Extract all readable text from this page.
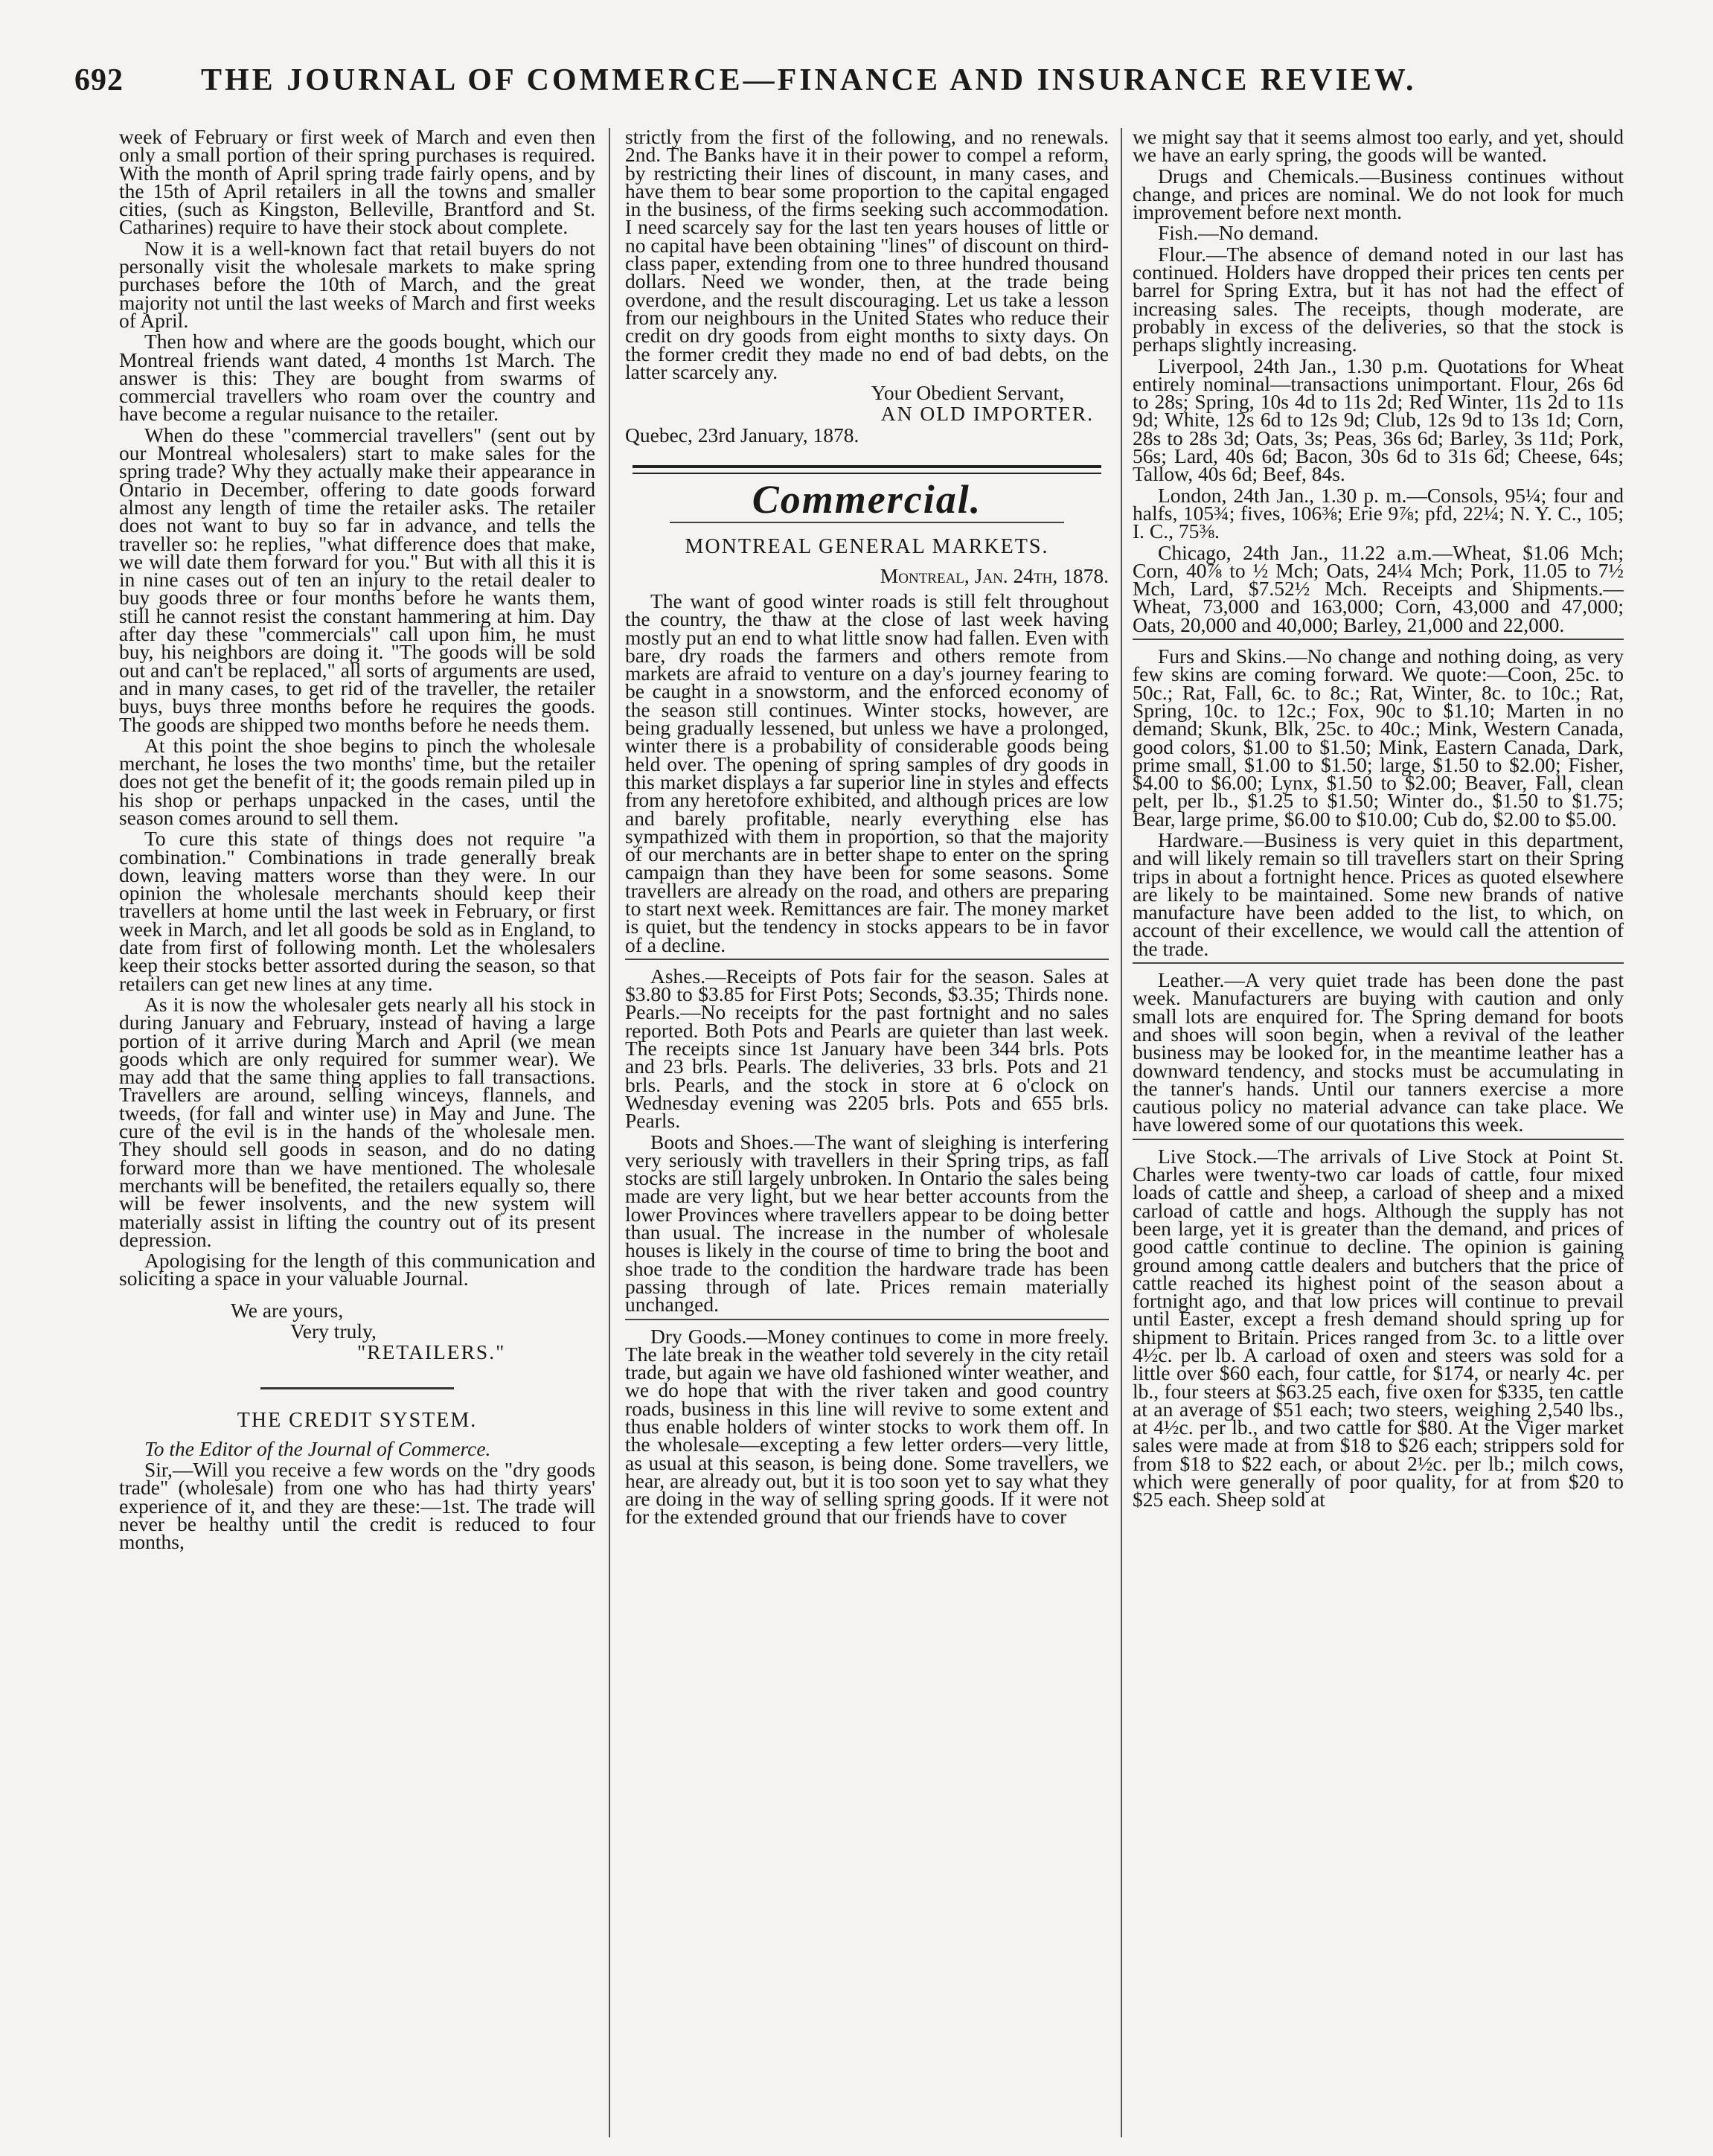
692	THE JOURNAL OF COMMERCE—FINANCE AND INSURANCE REVIEW.

week of February or first week of March and even then only a small portion of their spring purchases is required. With the month of April spring trade fairly opens, and by the 15th of April retailers in all the towns and smaller cities, (such as Kingston, Belleville, Brantford and St. Catharines) require to have their stock about complete.

Now it is a well-known fact that retail buyers do not personally visit the wholesale markets to make spring purchases before the 10th of March, and the great majority not until the last weeks of March and first weeks of April.

Then how and where are the goods bought, which our Montreal friends want dated, 4 months 1st March. The answer is this: They are bought from swarms of commercial travellers who roam over the country and have become a regular nuisance to the retailer.

When do these "commercial travellers" (sent out by our Montreal wholesalers) start to make sales for the spring trade? Why they actually make their appearance in Ontario in December, offering to date goods forward almost any length of time the retailer asks. The retailer does not want to buy so far in advance, and tells the traveller so: he replies, "what difference does that make, we will date them forward for you." But with all this it is in nine cases out of ten an injury to the retail dealer to buy goods three or four months before he wants them, still he cannot resist the constant hammering at him. Day after day these "commercials" call upon him, he must buy, his neighbors are doing it. "The goods will be sold out and can't be replaced," all sorts of arguments are used, and in many cases, to get rid of the traveller, the retailer buys, buys three months before he requires the goods. The goods are shipped two months before he needs them.

At this point the shoe begins to pinch the wholesale merchant, he loses the two months' time, but the retailer does not get the benefit of it; the goods remain piled up in his shop or perhaps unpacked in the cases, until the season comes around to sell them.

To cure this state of things does not require "a combination." Combinations in trade generally break down, leaving matters worse than they were. In our opinion the wholesale merchants should keep their travellers at home until the last week in February, or first week in March, and let all goods be sold as in England, to date from first of following month. Let the wholesalers keep their stocks better assorted during the season, so that retailers can get new lines at any time.

As it is now the wholesaler gets nearly all his stock in during January and February, instead of having a large portion of it arrive during March and April (we mean goods which are only required for summer wear). We may add that the same thing applies to fall transactions. Travellers are around, selling winceys, flannels, and tweeds, (for fall and winter use) in May and June. The cure of the evil is in the hands of the wholesale men. They should sell goods in season, and do no dating forward more than we have mentioned. The wholesale merchants will be benefited, the retailers equally so, there will be fewer insolvents, and the new system will materially assist in lifting the country out of its present depression.

Apologising for the length of this communication and soliciting a space in your valuable Journal.

We are yours,

Very truly,

"RETAILERS."

THE CREDIT SYSTEM.

To the Editor of the Journal of Commerce.

Sir,—Will you receive a few words on the "dry goods trade" (wholesale) from one who has had thirty years' experience of it, and they are these:—1st. The trade will never be healthy until the credit is reduced to four months,

strictly from the first of the following, and no renewals. 2nd. The Banks have it in their power to compel a reform, by restricting their lines of discount, in many cases, and have them to bear some proportion to the capital engaged in the business, of the firms seeking such accommodation. I need scarcely say for the last ten years houses of little or no capital have been obtaining "lines" of discount on third-class paper, extending from one to three hundred thousand dollars. Need we wonder, then, at the trade being overdone, and the result discouraging. Let us take a lesson from our neighbours in the United States who reduce their credit on dry goods from eight months to sixty days. On the former credit they made no end of bad debts, on the latter scarcely any.

Your Obedient Servant,

AN OLD IMPORTER.

Quebec, 23rd January, 1878.

Commercial.

MONTREAL GENERAL MARKETS.

Montreal, Jan. 24th, 1878.

The want of good winter roads is still felt throughout the country, the thaw at the close of last week having mostly put an end to what little snow had fallen. Even with bare, dry roads the farmers and others remote from markets are afraid to venture on a day's journey fearing to be caught in a snowstorm, and the enforced economy of the season still continues. Winter stocks, however, are being gradually lessened, but unless we have a prolonged, winter there is a probability of considerable goods being held over. The opening of spring samples of dry goods in this market displays a far superior line in styles and effects from any heretofore exhibited, and although prices are low and barely profitable, nearly everything else has sympathized with them in proportion, so that the majority of our merchants are in better shape to enter on the spring campaign than they have been for some seasons. Some travellers are already on the road, and others are preparing to start next week. Remittances are fair. The money market is quiet, but the tendency in stocks appears to be in favor of a decline.

Ashes.—Receipts of Pots fair for the season. Sales at $3.80 to $3.85 for First Pots; Seconds, $3.35; Thirds none. Pearls.—No receipts for the past fortnight and no sales reported. Both Pots and Pearls are quieter than last week. The receipts since 1st January have been 344 brls. Pots and 23 brls. Pearls. The deliveries, 33 brls. Pots and 21 brls. Pearls, and the stock in store at 6 o'clock on Wednesday evening was 2205 brls. Pots and 655 brls. Pearls.

Boots and Shoes.—The want of sleighing is interfering very seriously with travellers in their Spring trips, as fall stocks are still largely unbroken. In Ontario the sales being made are very light, but we hear better accounts from the lower Provinces where travellers appear to be doing better than usual. The increase in the number of wholesale houses is likely in the course of time to bring the boot and shoe trade to the condition the hardware trade has been passing through of late. Prices remain materially unchanged.

Dry Goods.—Money continues to come in more freely. The late break in the weather told severely in the city retail trade, but again we have old fashioned winter weather, and we do hope that with the river taken and good country roads, business in this line will revive to some extent and thus enable holders of winter stocks to work them off. In the wholesale—excepting a few letter orders—very little, as usual at this season, is being done. Some travellers, we hear, are already out, but it is too soon yet to say what they are doing in the way of selling spring goods. If it were not for the extended ground that our friends have to cover

we might say that it seems almost too early, and yet, should we have an early spring, the goods will be wanted.

Drugs and Chemicals.—Business continues without change, and prices are nominal. We do not look for much improvement before next month.

Fish.—No demand.

Flour.—The absence of demand noted in our last has continued. Holders have dropped their prices ten cents per barrel for Spring Extra, but it has not had the effect of increasing sales. The receipts, though moderate, are probably in excess of the deliveries, so that the stock is perhaps slightly increasing.

Liverpool, 24th Jan., 1.30 p.m. Quotations for Wheat entirely nominal—transactions unimportant. Flour, 26s 6d to 28s; Spring, 10s 4d to 11s 2d; Red Winter, 11s 2d to 11s 9d; White, 12s 6d to 12s 9d; Club, 12s 9d to 13s 1d; Corn, 28s to 28s 3d; Oats, 3s; Peas, 36s 6d; Barley, 3s 11d; Pork, 56s; Lard, 40s 6d; Bacon, 30s 6d to 31s 6d; Cheese, 64s; Tallow, 40s 6d; Beef, 84s.

London, 24th Jan., 1.30 p. m.—Consols, 95¼; four and halfs, 105¾; fives, 106⅜; Erie 9⅞; pfd, 22¼; N. Y. C., 105; I. C., 75⅜.

Chicago, 24th Jan., 11.22 a.m.—Wheat, $1.06 Mch; Corn, 40⅞ to ½ Mch; Oats, 24¼ Mch; Pork, 11.05 to 7½ Mch, Lard, $7.52½ Mch. Receipts and Shipments.—Wheat, 73,000 and 163,000; Corn, 43,000 and 47,000; Oats, 20,000 and 40,000; Barley, 21,000 and 22,000.

Furs and Skins.—No change and nothing doing, as very few skins are coming forward. We quote:—Coon, 25c. to 50c.; Rat, Fall, 6c. to 8c.; Rat, Winter, 8c. to 10c.; Rat, Spring, 10c. to 12c.; Fox, 90c to $1.10; Marten in no demand; Skunk, Blk, 25c. to 40c.; Mink, Western Canada, good colors, $1.00 to $1.50; Mink, Eastern Canada, Dark, prime small, $1.00 to $1.50; large, $1.50 to $2.00; Fisher, $4.00 to $6.00; Lynx, $1.50 to $2.00; Beaver, Fall, clean pelt, per lb., $1.25 to $1.50; Winter do., $1.50 to $1.75; Bear, large prime, $6.00 to $10.00; Cub do, $2.00 to $5.00.

Hardware.—Business is very quiet in this department, and will likely remain so till travellers start on their Spring trips in about a fortnight hence. Prices as quoted elsewhere are likely to be maintained. Some new brands of native manufacture have been added to the list, to which, on account of their excellence, we would call the attention of the trade.

Leather.—A very quiet trade has been done the past week. Manufacturers are buying with caution and only small lots are enquired for. The Spring demand for boots and shoes will soon begin, when a revival of the leather business may be looked for, in the meantime leather has a downward tendency, and stocks must be accumulating in the tanner's hands. Until our tanners exercise a more cautious policy no material advance can take place. We have lowered some of our quotations this week.

Live Stock.—The arrivals of Live Stock at Point St. Charles were twenty-two car loads of cattle, four mixed loads of cattle and sheep, a carload of sheep and a mixed carload of cattle and hogs. Although the supply has not been large, yet it is greater than the demand, and prices of good cattle continue to decline. The opinion is gaining ground among cattle dealers and butchers that the price of cattle reached its highest point of the season about a fortnight ago, and that low prices will continue to prevail until Easter, except a fresh demand should spring up for shipment to Britain. Prices ranged from 3c. to a little over 4½c. per lb. A carload of oxen and steers was sold for a little over $60 each, four cattle, for $174, or nearly 4c. per lb., four steers at $63.25 each, five oxen for $335, ten cattle at an average of $51 each; two steers, weighing 2,540 lbs., at 4½c. per lb., and two cattle for $80. At the Viger market sales were made at from $18 to $26 each; strippers sold for from $18 to $22 each, or about 2½c. per lb.; milch cows, which were generally of poor quality, for at from $20 to $25 each. Sheep sold at
